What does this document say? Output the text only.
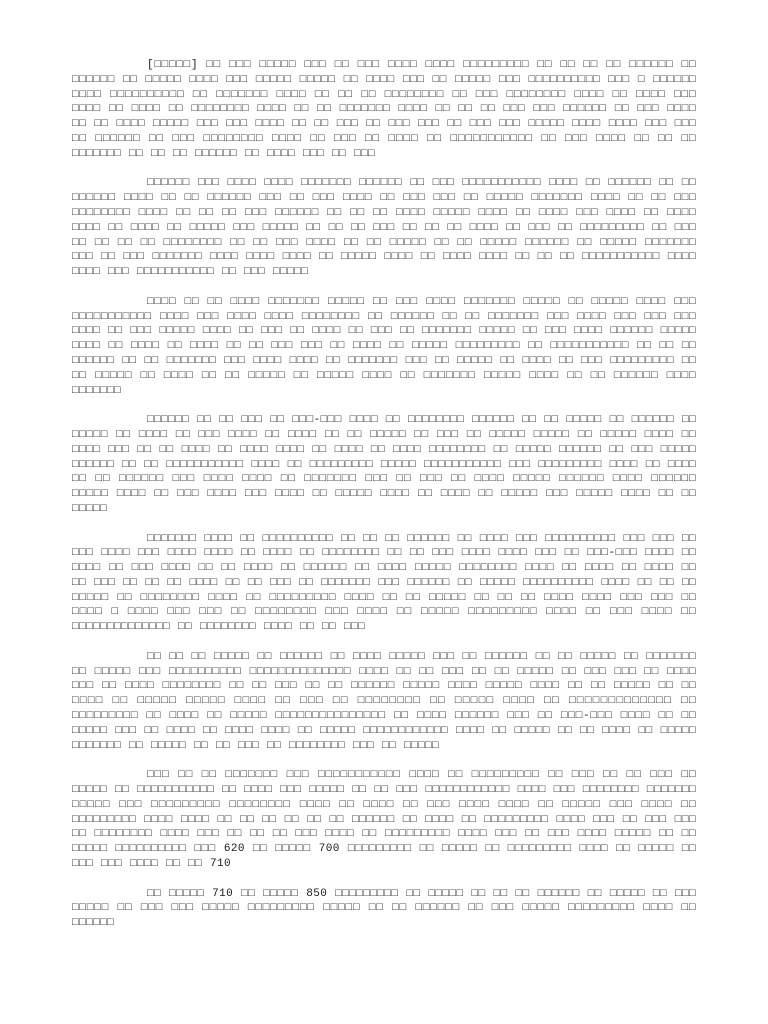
[□□□□□] □□ □□□ □□□□□ □□□ □□ □□□ □□□□ □□□□ □□□□□□□□□ □□ □□ □□ □□ □□□□□□ □□ □□□□□□ □□ □□□□□ □□□□ □□□ □□□□□ □□□□□ □□ □□□□ □□□ □□ □□□□□ □□□ □□□□□□□□□□ □□□ □ □□□□□□ □□□□ □□□□□□□□□□ □□ □□□□□□□ □□□□ □□ □□ □□ □□□□□□□□ □□ □□□ □□□□□□□□ □□□□ □□ □□□□ □□□ □□□□ □□ □□□□ □□ □□□□□□□□ □□□□ □□ □□ □□□□□□□ □□□□ □□ □□ □□ □□□ □□□ □□□□□□ □□ □□□ □□□□ □□ □□ □□□□ □□□□□ □□□ □□□ □□□□ □□ □□ □□□ □□ □□□ □□□ □□ □□□ □□□ □□□□□ □□□□ □□□□ □□□ □□□ □□ □□□□□□ □□ □□□ □□□□□□□□ □□□□ □□ □□□ □□ □□□□ □□ □□□□□□□□□□□ □□ □□□ □□□□ □□ □□ □□ □□□□□□□ □□ □□ □□ □□□□□□ □□ □□□□ □□□ □□ □□□

□□□□□□ □□□ □□□□ □□□□ □□□□□□□ □□□□□□ □□ □□□ □□□□□□□□□□□ □□□□ □□ □□□□□□ □□ □□ □□□□□□ □□□□ □□ □□ □□□□□□ □□□ □□ □□□ □□□□ □□ □□□ □□□ □□ □□□□□ □□□□□□□ □□□□ □□ □□ □□□ □□□□□□□□ □□□□ □□ □□ □□ □□□ □□□□□□ □□ □□ □□ □□□□ □□□□□ □□□□ □□ □□□□ □□□ □□□□ □□ □□□□ □□□□ □□ □□□□ □□ □□□□□ □□□ □□□□□ □□ □□ □□ □□□ □□ □□ □□ □□□□ □□ □□□ □□ □□□□□□□□□ □□ □□□ □□ □□ □□ □□ □□□□□□□□ □□ □□ □□□ □□□□ □□ □□ □□□□□ □□ □□ □□□□□ □□□□□□ □□ □□□□□ □□□□□□□ □□□ □□ □□□ □□□□□□□ □□□□ □□□□ □□□□ □□ □□□□□ □□□□ □□ □□□□ □□□□ □□ □□ □□ □□□□□□□□□□□ □□□□ □□□□ □□□ □□□□□□□□□□□ □□ □□□ □□□□□

□□□□ □□ □□ □□□□ □□□□□□□ □□□□□ □□ □□□ □□□□ □□□□□□□ □□□□□ □□ □□□□□ □□□□ □□□ □□□□□□□□□□□ □□□□ □□□ □□□□ □□□□ □□□□□□□□ □□ □□□□□□ □□ □□ □□□□□□□ □□□ □□□□ □□□ □□□ □□□ □□□□ □□ □□□ □□□□□ □□□□ □□ □□□ □□ □□□□ □□ □□□ □□ □□□□□□□ □□□□□ □□ □□□ □□□□ □□□□□□ □□□□□ □□□□ □□ □□□□ □□ □□□□ □□ □□ □□□ □□□ □□ □□□□ □□ □□□□□ □□□□□□□□□ □□ □□□□□□□□□□□ □□ □□ □□ □□□□□□ □□ □□ □□□□□□□ □□□ □□□□ □□□□ □□ □□□□□□□ □□□ □□ □□□□□ □□ □□□□ □□ □□□ □□□□□□□□□ □□ □□ □□□□□ □□ □□□□ □□ □□ □□□□□ □□ □□□□□ □□□□ □□ □□□□□□□ □□□□□ □□□□ □□ □□ □□□□□□ □□□□ □□□□□□□

□□□□□□ □□ □□ □□□ □□ □□□-□□□ □□□□ □□ □□□□□□□□ □□□□□□ □□ □□ □□□□□ □□ □□□□□□ □□ □□□□□ □□ □□□□ □□ □□□ □□□□ □□ □□□□ □□ □□ □□□□□ □□ □□□ □□ □□□□□ □□□□□ □□ □□□□□ □□□□ □□ □□□□ □□□ □□ □□ □□□□ □□ □□□□ □□□□ □□ □□□□ □□ □□□□ □□□□□□□□ □□ □□□□□ □□□□□□ □□ □□□ □□□□□ □□□□□□ □□ □□ □□□□□□□□□□□ □□□□ □□ □□□□□□□□□ □□□□□ □□□□□□□□□□□ □□□ □□□□□□□□□ □□□□ □□ □□□□ □□ □□ □□□□□□ □□□ □□□□ □□□□ □□ □□□□□□□ □□□ □□ □□□ □□ □□□□ □□□□□ □□□□□□ □□□□ □□□□□□ □□□□□ □□□□ □□ □□□ □□□□ □□□ □□□□ □□ □□□□□ □□□□ □□ □□□□ □□ □□□□□ □□□ □□□□□ □□□□ □□ □□ □□□□□

□□□□□□□ □□□□ □□ □□□□□□□□□□ □□ □□ □□ □□□□□□ □□ □□□□ □□□ □□□□□□□□□□ □□□ □□□ □□ □□□ □□□□ □□□ □□□□ □□□□ □□ □□□□ □□ □□□□□□□□ □□ □□ □□□ □□□□ □□□□ □□□ □□ □□□-□□□ □□□□ □□ □□□□ □□ □□□ □□□□ □□ □□ □□□□ □□ □□□□□□ □□ □□□□ □□□□□ □□□□□□□□ □□□□ □□ □□□□ □□ □□□□ □□ □□ □□□ □□ □□ □□ □□□□ □□ □□ □□□ □□ □□□□□□□ □□□ □□□□□□ □□ □□□□□ □□□□□□□□□□ □□□□ □□ □□ □□ □□□□□ □□ □□□□□□□□ □□□□ □□ □□□□□□□□□ □□□□ □□ □□ □□□□□ □□ □□ □□ □□□□ □□□□ □□□ □□□ □□ □□□□ □ □□□□ □□□ □□□ □□ □□□□□□□□ □□□ □□□□ □□ □□□□□ □□□□□□□□□ □□□□ □□ □□□ □□□□ □□ □□□□□□□□□□□□□□ □□ □□□□□□□□ □□□□ □□ □□ □□□

□□ □□ □□ □□□□□ □□ □□□□□□ □□ □□□□ □□□□□ □□□ □□ □□□□□□ □□ □□ □□□□□ □□ □□□□□□□ □□ □□□□□ □□□ □□□□□□□□□□ □□□□□□□□□□□□□□ □□□□ □□ □□ □□□ □□ □□ □□□□□ □□ □□□ □□□ □□ □□□□ □□□ □□ □□□□ □□□□□□□□ □□ □□ □□□ □□ □□ □□□□□□ □□□□□ □□□□ □□□□□ □□□□ □□ □□ □□□□□ □□ □□ □□□□ □□ □□□□□ □□□□□ □□□□ □□ □□□ □□ □□□□□□□□ □□ □□□□□ □□□□ □□ □□□□□□□□□□□□□ □□ □□□□□□□□□ □□ □□□□ □□ □□□□□ □□□□□□□□□□□□□□□ □□ □□□□ □□□□□□ □□□ □□ □□□-□□□ □□□□ □□ □□ □□□□□ □□□ □□ □□□□ □□ □□□□ □□□□ □□ □□□□□ □□□□□□□□□□□□ □□□□ □□ □□□□□ □□ □□ □□□□ □□ □□□□□ □□□□□□□ □□ □□□□□ □□ □□ □□□ □□ □□□□□□□□ □□□ □□ □□□□□

□□□ □□ □□ □□□□□□□ □□□ □□□□□□□□□□□ □□□□ □□ □□□□□□□□□ □□ □□□ □□ □□ □□□ □□ □□□□□ □□ □□□□□□□□□□□ □□ □□□□ □□□ □□□□□ □□ □□ □□□ □□□□□□□□□□□□ □□□□ □□□ □□□□□□□□ □□□□□□□ □□□□□ □□□ □□□□□□□□□ □□□□□□□□ □□□□ □□ □□□□ □□ □□□ □□□□ □□□□ □□ □□□□□ □□□ □□□□ □□ □□□□□□□□□ □□□□ □□□□ □□ □□ □□ □□ □□ □□ □□□□□□ □□ □□□□ □□ □□□□□□□□□ □□□□ □□□ □□ □□□ □□□ □□ □□□□□□□□ □□□□ □□□ □□ □□ □□ □□□ □□□□ □□ □□□□□□□□□ □□□□ □□□ □□ □□□ □□□□ □□□□□ □□ □□ □□□□□ □□□□□□□□□□ □□□ 620 □□ □□□□□ 700 □□□□□□□□□ □□ □□□□□ □□ □□□□□□□□□ □□□□ □□ □□□□□ □□ □□□ □□□ □□□□ □□ □□ 710

□□ □□□□□ 710 □□ □□□□□ 850 □□□□□□□□□ □□ □□□□□ □□ □□ □□ □□□□□□ □□ □□□□□ □□ □□□ □□□□□ □□ □□□ □□□ □□□□□ □□□□□□□□□ □□□□□ □□ □□ □□□□□□ □□ □□□ □□□□□ □□□□□□□□□ □□□□ □□ □□□□□□
